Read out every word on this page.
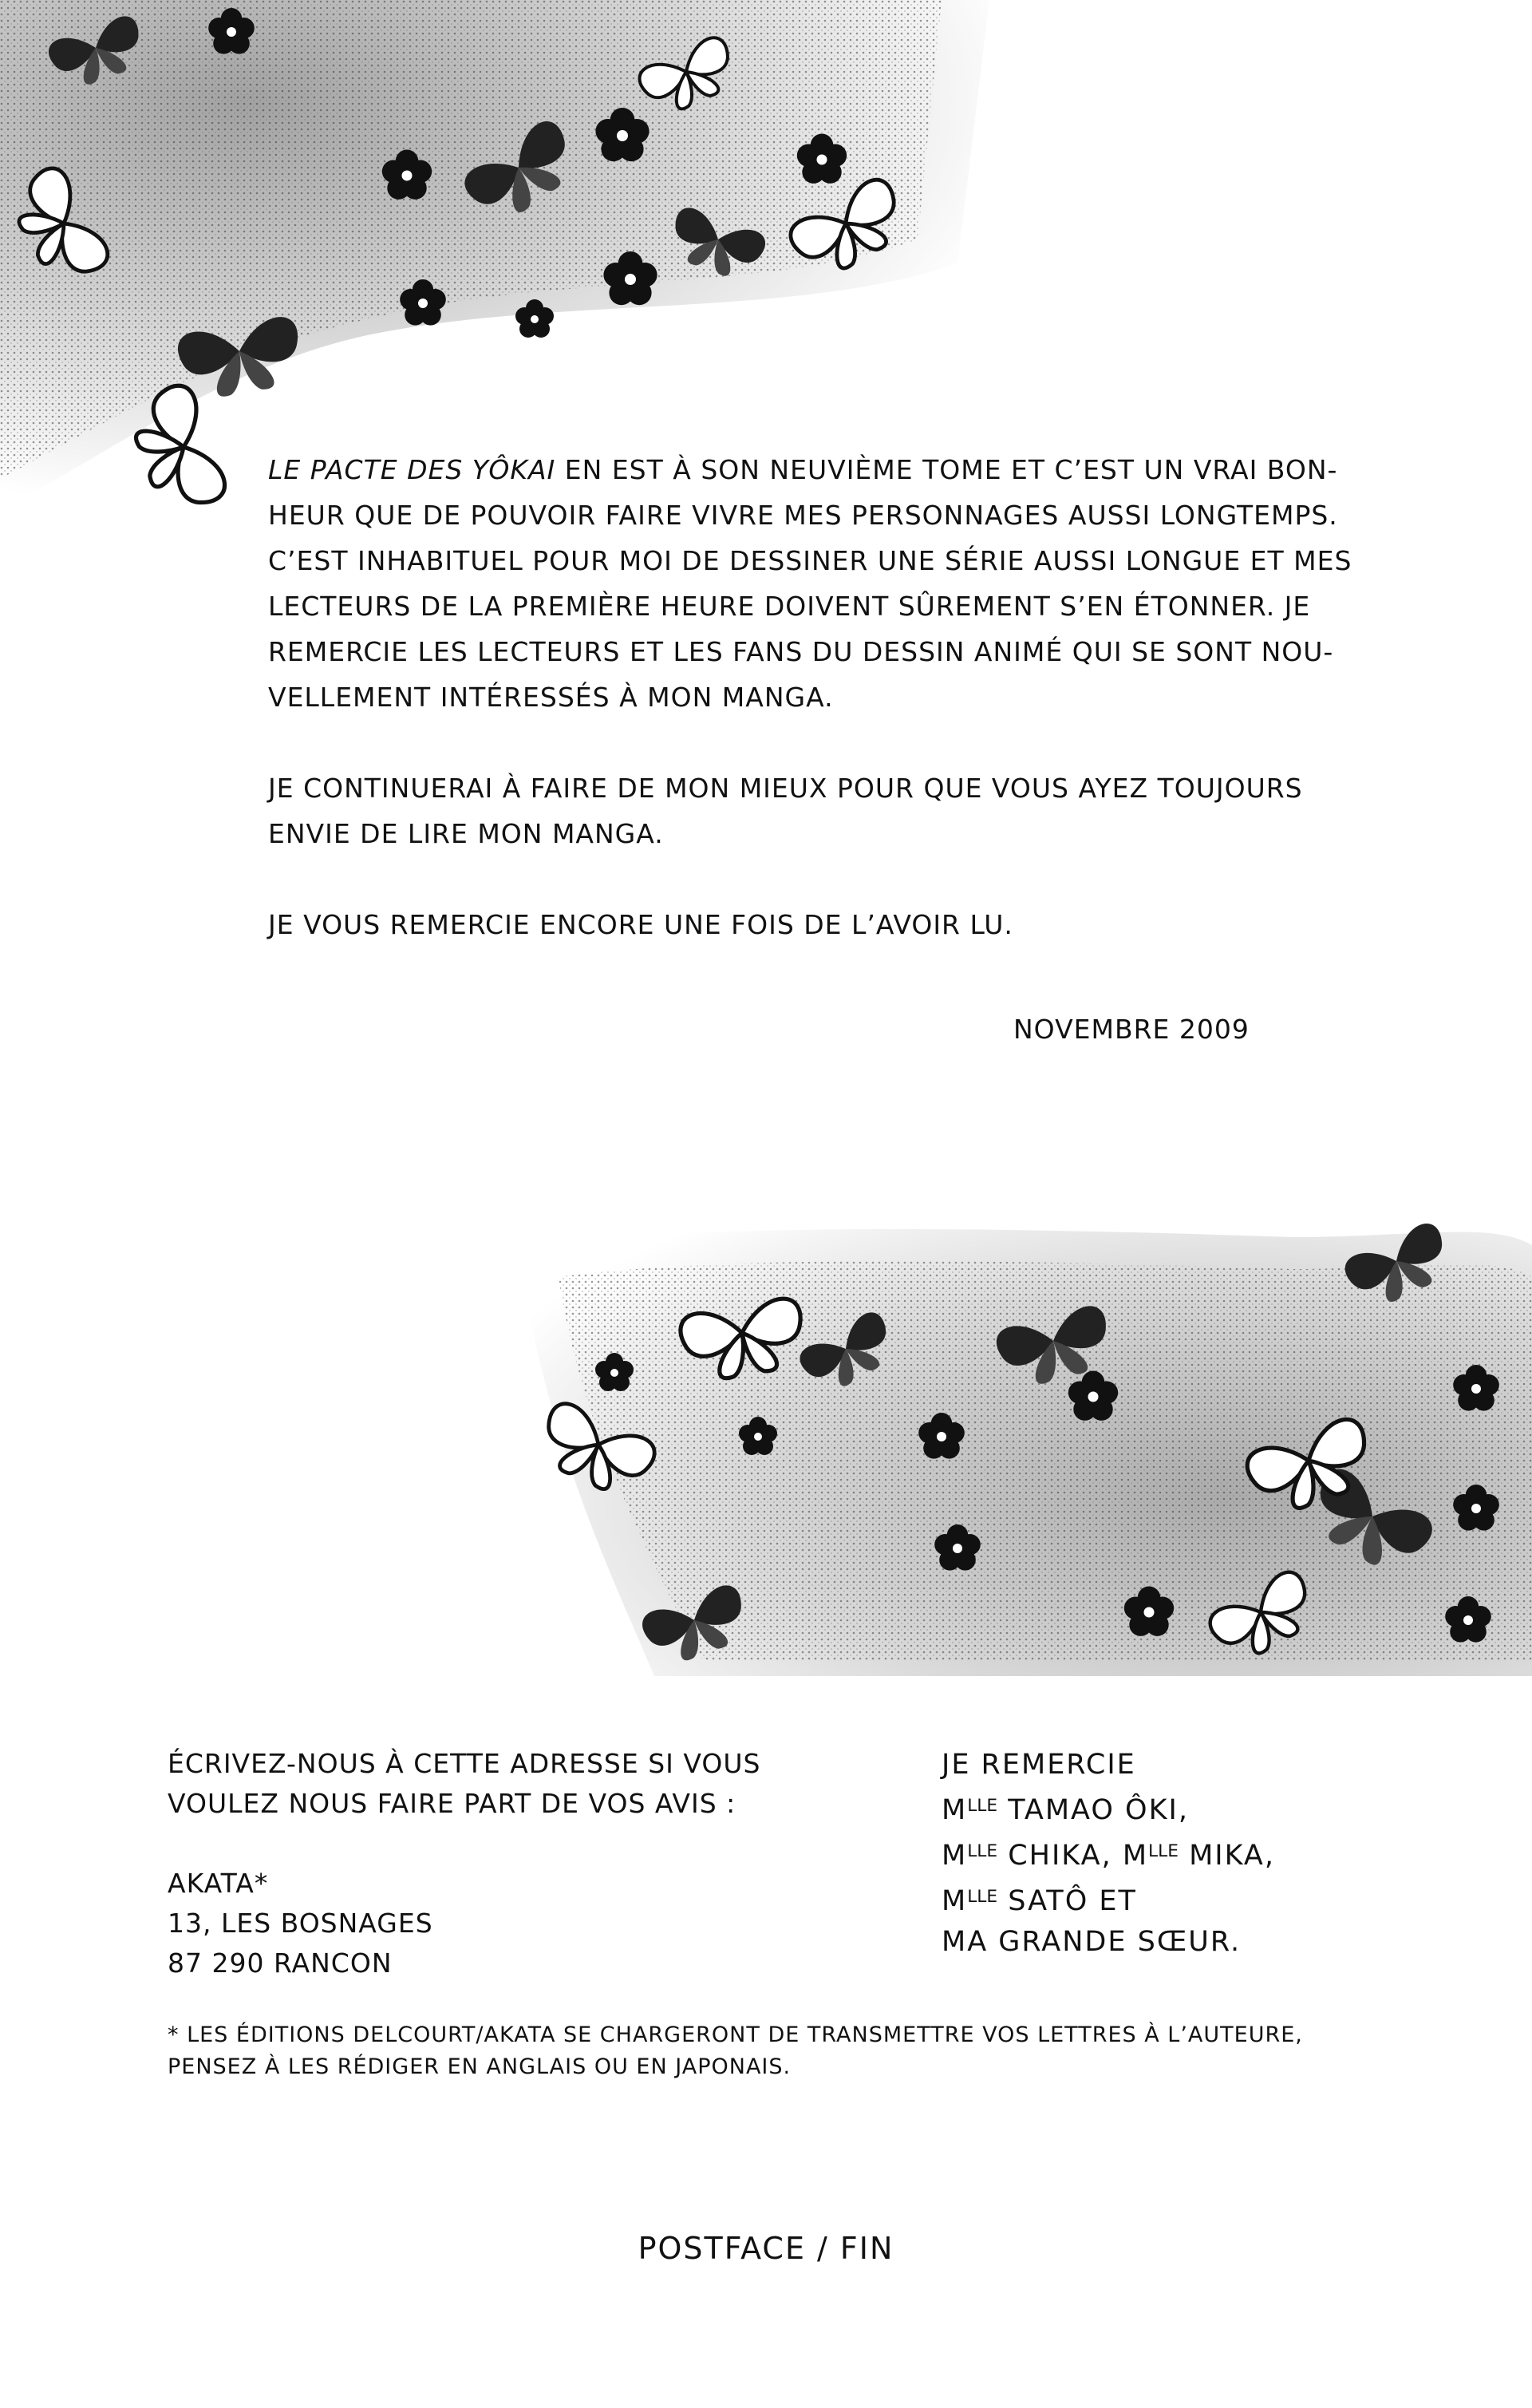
LE PACTE DES YÔKAI EN EST À SON NEUVIÈME TOME ET C’EST UN VRAI BON-
HEUR QUE DE POUVOIR FAIRE VIVRE MES PERSONNAGES AUSSI LONGTEMPS.
C’EST INHABITUEL POUR MOI DE DESSINER UNE SÉRIE AUSSI LONGUE ET MES
LECTEURS DE LA PREMIÈRE HEURE DOIVENT SÛREMENT S’EN ÉTONNER. JE
REMERCIE LES LECTEURS ET LES FANS DU DESSIN ANIMÉ QUI SE SONT NOU-
VELLEMENT INTÉRESSÉS À MON MANGA.

JE CONTINUERAI À FAIRE DE MON MIEUX POUR QUE VOUS AYEZ TOUJOURS
ENVIE DE LIRE MON MANGA.

JE VOUS REMERCIE ENCORE UNE FOIS DE L’AVOIR LU.

NOVEMBRE 2009
ÉCRIVEZ-NOUS À CETTE ADRESSE SI VOUS
VOULEZ NOUS FAIRE PART DE VOS AVIS :
AKATA*
13, LES BOSNAGES
87 290 RANCON
JE REMERCIE
$M^{LLE}$ TAMAO ÔKI,
$M^{LLE}$ CHIKA, $M^{LLE}$ MIKA,
$M^{LLE}$ SATÔ ET
MA GRANDE SŒUR.
* LES ÉDITIONS DELCOURT/AKATA SE CHARGERONT DE TRANSMETTRE VOS LETTRES À L’AUTEURE,
PENSEZ À LES RÉDIGER EN ANGLAIS OU EN JAPONAIS.
POSTFACE / FIN
